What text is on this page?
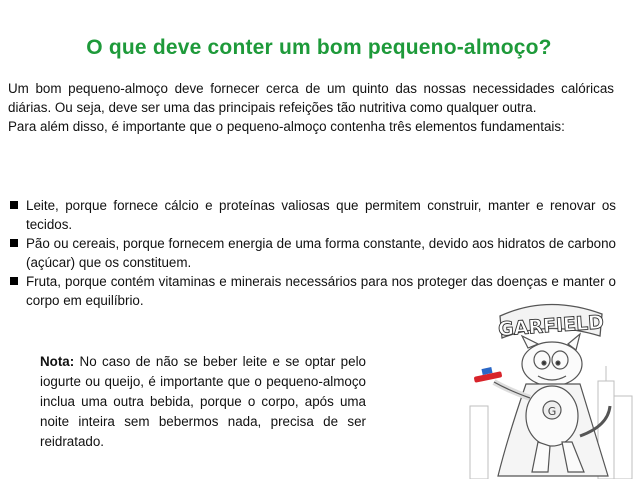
O que deve conter um bom pequeno-almoço?

Um bom pequeno-almoço deve fornecer cerca de um quinto das nossas necessidades calóricas diárias. Ou seja, deve ser uma das principais refeições tão nutritiva como qualquer outra.

Para além disso, é importante que o pequeno-almoço contenha três elementos fundamentais:

Leite, porque fornece cálcio e proteínas valiosas que permitem construir, manter e renovar os tecidos.
Pão ou cereais, porque fornecem energia de uma forma constante, devido aos hidratos de carbono (açúcar) que os constituem.
Fruta, porque contém vitaminas e minerais necessários para nos proteger das doenças e manter o corpo em equilíbrio.
Nota: No caso de não se beber leite e se optar pelo iogurte ou queijo, é importante que o pequeno-almoço inclua uma outra bebida, porque o corpo, após uma noite inteira sem bebermos nada, precisa de ser reidratado.
GARFIELD
G
